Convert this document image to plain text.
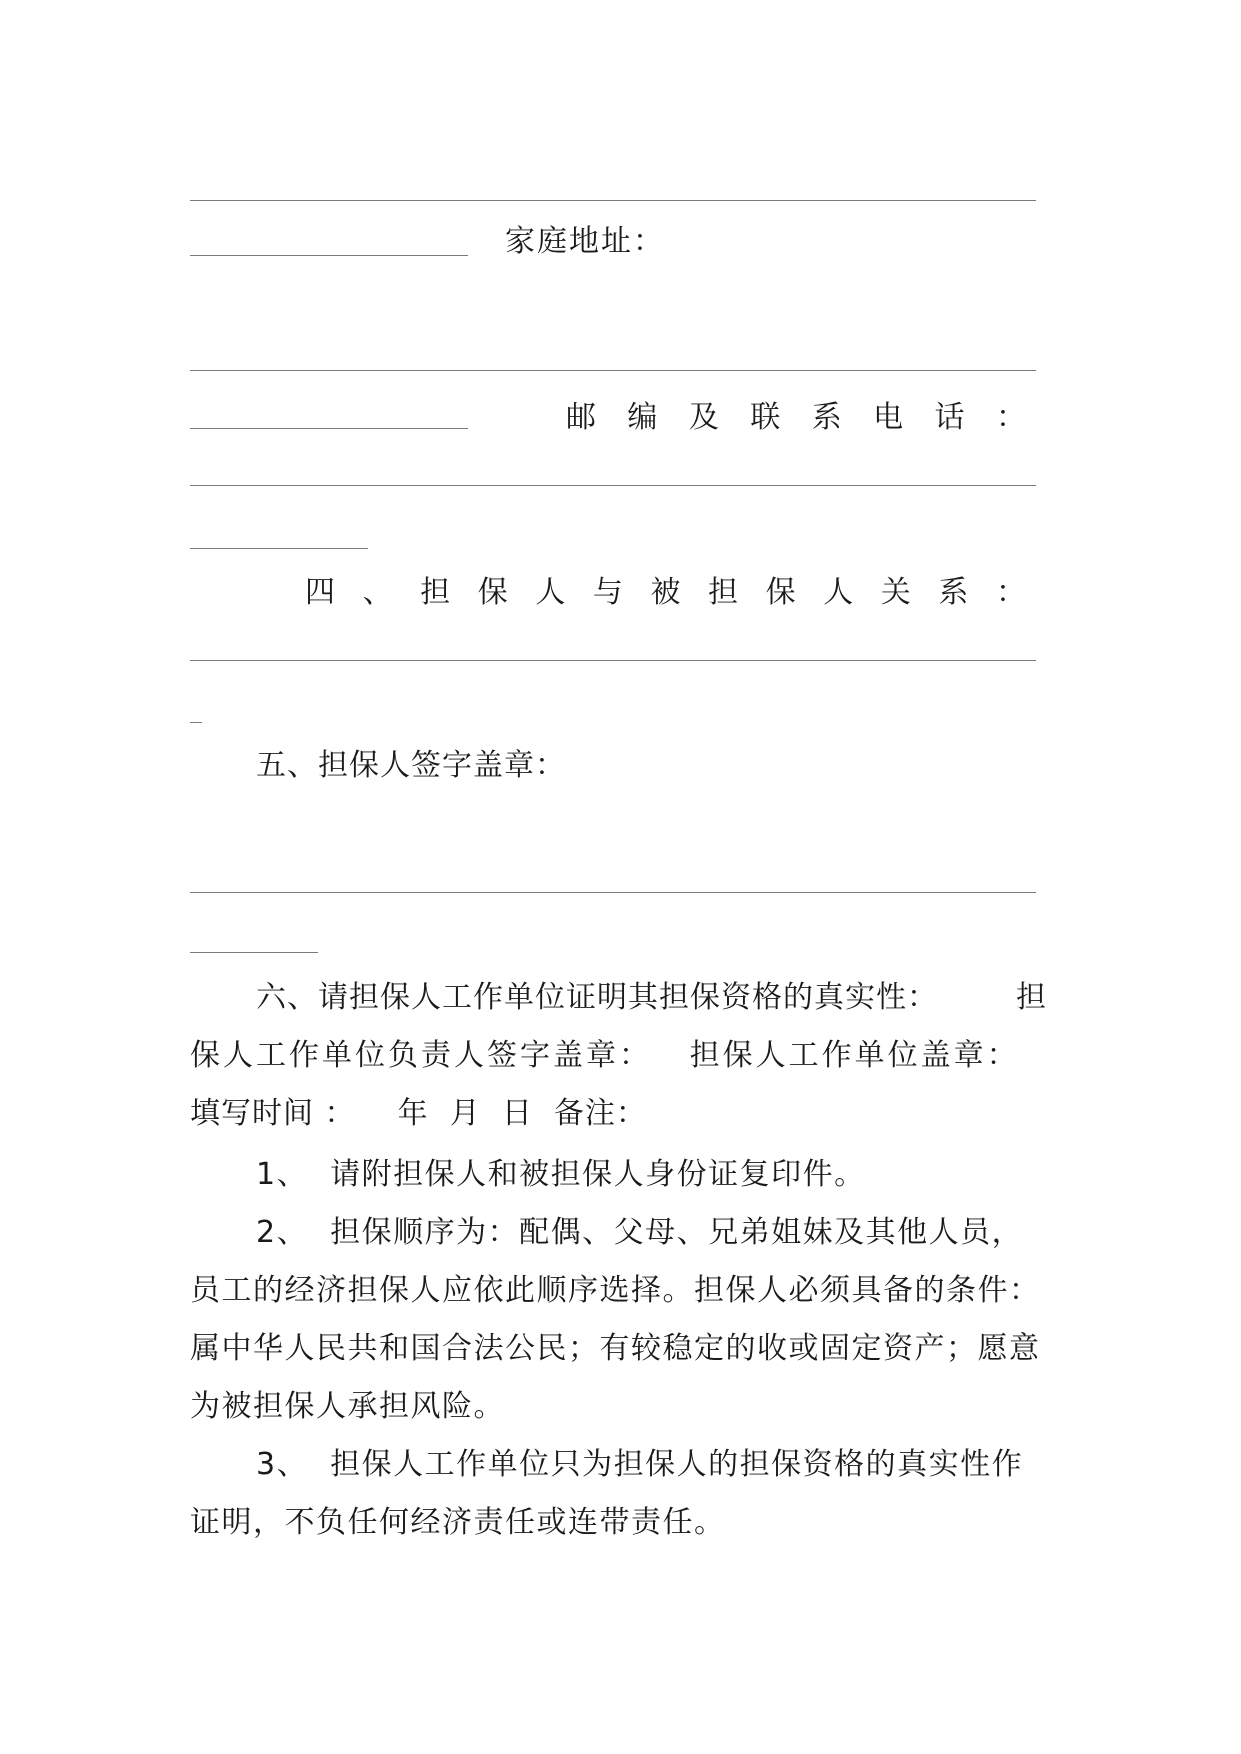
家庭地址：
邮 编 及 联 系 电 话 ：
四 、 担 保 人 与 被 担 保 人 关 系 ：
五、担保人签字盖章：
六、请担保人工作单位证明其担保资格的真实性：	担
保人工作单位负责人签字盖章：   担保人工作单位盖章：
填写时间 ：    年  月  日  备注：
1、  请附担保人和被担保人身份证复印件。
2、  担保顺序为：配偶、父母、兄弟姐妹及其他人员，员工的经济担保人应依此顺序选择。担保人必须具备的条件：属中华人民共和国合法公民；有较稳定的收或固定资产；愿意为被担保人承担风险。
3、  担保人工作单位只为担保人的担保资格的真实性作证明，不负任何经济责任或连带责任。
